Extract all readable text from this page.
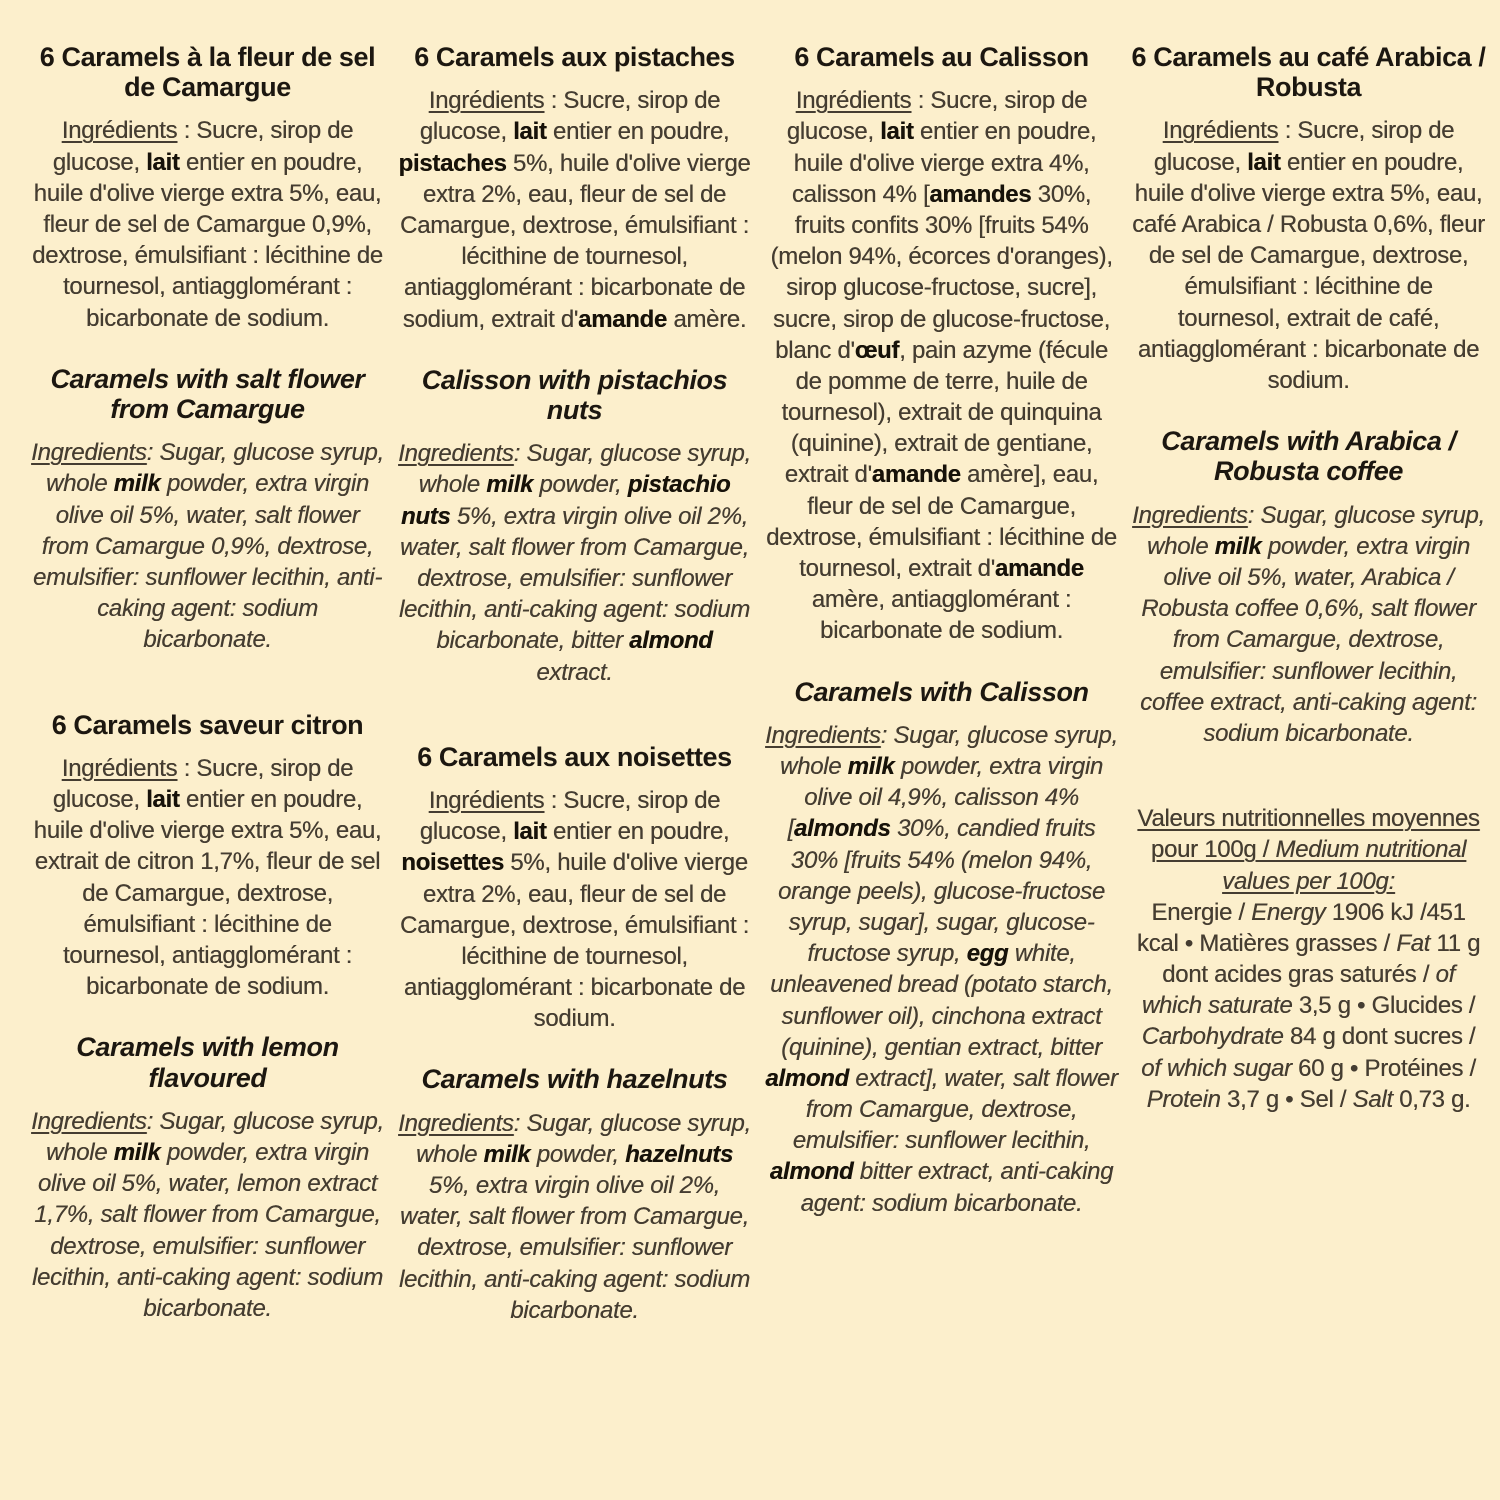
6 Caramels à la fleur de sel de Camargue

Ingrédients : Sucre, sirop de glucose, lait entier en poudre, huile d'olive vierge extra 5%, eau, fleur de sel de Camargue 0,9%, dextrose, émulsifiant : lécithine de tournesol, antiagglomérant : bicarbonate de sodium.

Caramels with salt flower from Camargue

Ingredients: Sugar, glucose syrup, whole milk powder, extra virgin olive oil 5%, water, salt flower from Camargue 0,9%, dextrose, emulsifier: sunflower lecithin, anti-caking agent: sodium bicarbonate.

6 Caramels saveur citron

Ingrédients : Sucre, sirop de glucose, lait entier en poudre, huile d'olive vierge extra 5%, eau, extrait de citron 1,7%, fleur de sel de Camargue, dextrose, émulsifiant : lécithine de tournesol, antiagglomérant : bicarbonate de sodium.

Caramels with lemon flavoured

Ingredients: Sugar, glucose syrup, whole milk powder, extra virgin olive oil 5%, water, lemon extract 1,7%, salt flower from Camargue, dextrose, emulsifier: sunflower lecithin, anti-caking agent: sodium bicarbonate.

6 Caramels aux pistaches

Ingrédients : Sucre, sirop de glucose, lait entier en poudre, pistaches 5%, huile d'olive vierge extra 2%, eau, fleur de sel de Camargue, dextrose, émulsifiant : lécithine de tournesol, antiagglomérant : bicarbonate de sodium, extrait d'amande amère.

Calisson with pistachios nuts

Ingredients: Sugar, glucose syrup, whole milk powder, pistachio nuts 5%, extra virgin olive oil 2%, water, salt flower from Camargue, dextrose, emulsifier: sunflower lecithin, anti-caking agent: sodium bicarbonate, bitter almond extract.

6 Caramels aux noisettes

Ingrédients : Sucre, sirop de glucose, lait entier en poudre, noisettes 5%, huile d'olive vierge extra 2%, eau, fleur de sel de Camargue, dextrose, émulsifiant : lécithine de tournesol, antiagglomérant : bicarbonate de sodium.

Caramels with hazelnuts

Ingredients: Sugar, glucose syrup, whole milk powder, hazelnuts 5%, extra virgin olive oil 2%, water, salt flower from Camargue, dextrose, emulsifier: sunflower lecithin, anti-caking agent: sodium bicarbonate.

6 Caramels au Calisson

Ingrédients : Sucre, sirop de glucose, lait entier en poudre, huile d'olive vierge extra 4%, calisson 4% [amandes 30%, fruits confits 30% [fruits 54% (melon 94%, écorces d'oranges), sirop glucose-fructose, sucre], sucre, sirop de glucose-fructose, blanc d'œuf, pain azyme (fécule de pomme de terre, huile de tournesol), extrait de quinquina (quinine), extrait de gentiane, extrait d'amande amère], eau, fleur de sel de Camargue, dextrose, émulsifiant : lécithine de tournesol, extrait d'amande amère, antiagglomérant : bicarbonate de sodium.

Caramels with Calisson

Ingredients: Sugar, glucose syrup, whole milk powder, extra virgin olive oil 4,9%, calisson 4% [almonds 30%, candied fruits 30% [fruits 54% (melon 94%, orange peels), glucose-fructose syrup, sugar], sugar, glucose-fructose syrup, egg white, unleavened bread (potato starch, sunflower oil), cinchona extract (quinine), gentian extract, bitter almond extract], water, salt flower from Camargue, dextrose, emulsifier: sunflower lecithin, almond bitter extract, anti-caking agent: sodium bicarbonate.

6 Caramels au café Arabica / Robusta

Ingrédients : Sucre, sirop de glucose, lait entier en poudre, huile d'olive vierge extra 5%, eau, café Arabica / Robusta 0,6%, fleur de sel de Camargue, dextrose, émulsifiant : lécithine de tournesol, extrait de café, antiagglomérant : bicarbonate de sodium.

Caramels with Arabica / Robusta coffee

Ingredients: Sugar, glucose syrup, whole milk powder, extra virgin olive oil 5%, water, Arabica / Robusta coffee 0,6%, salt flower from Camargue, dextrose, emulsifier: sunflower lecithin, coffee extract, anti-caking agent: sodium bicarbonate.

Valeurs nutritionnelles moyennes pour 100g / Medium nutritional values per 100g:
Energie / Energy 1906 kJ /451 kcal • Matières grasses / Fat 11 g dont acides gras saturés / of which saturate 3,5 g • Glucides / Carbohydrate 84 g dont sucres / of which sugar 60 g • Protéines / Protein 3,7 g • Sel / Salt 0,73 g.
